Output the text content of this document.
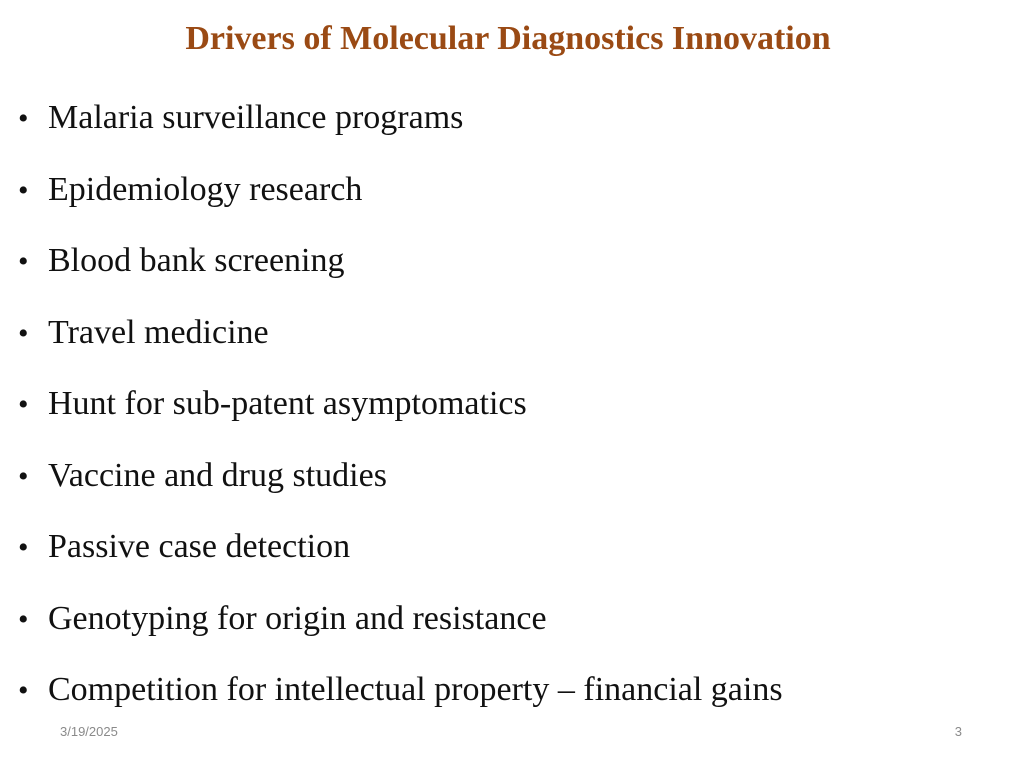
Drivers of Molecular Diagnostics Innovation
• Malaria surveillance programs
• Epidemiology research
• Blood bank screening
• Travel medicine
• Hunt for sub-patent asymptomatics
• Vaccine and drug studies
• Passive case detection
• Genotyping for origin and resistance
• Competition for intellectual property – financial gains
3/19/2025	3
